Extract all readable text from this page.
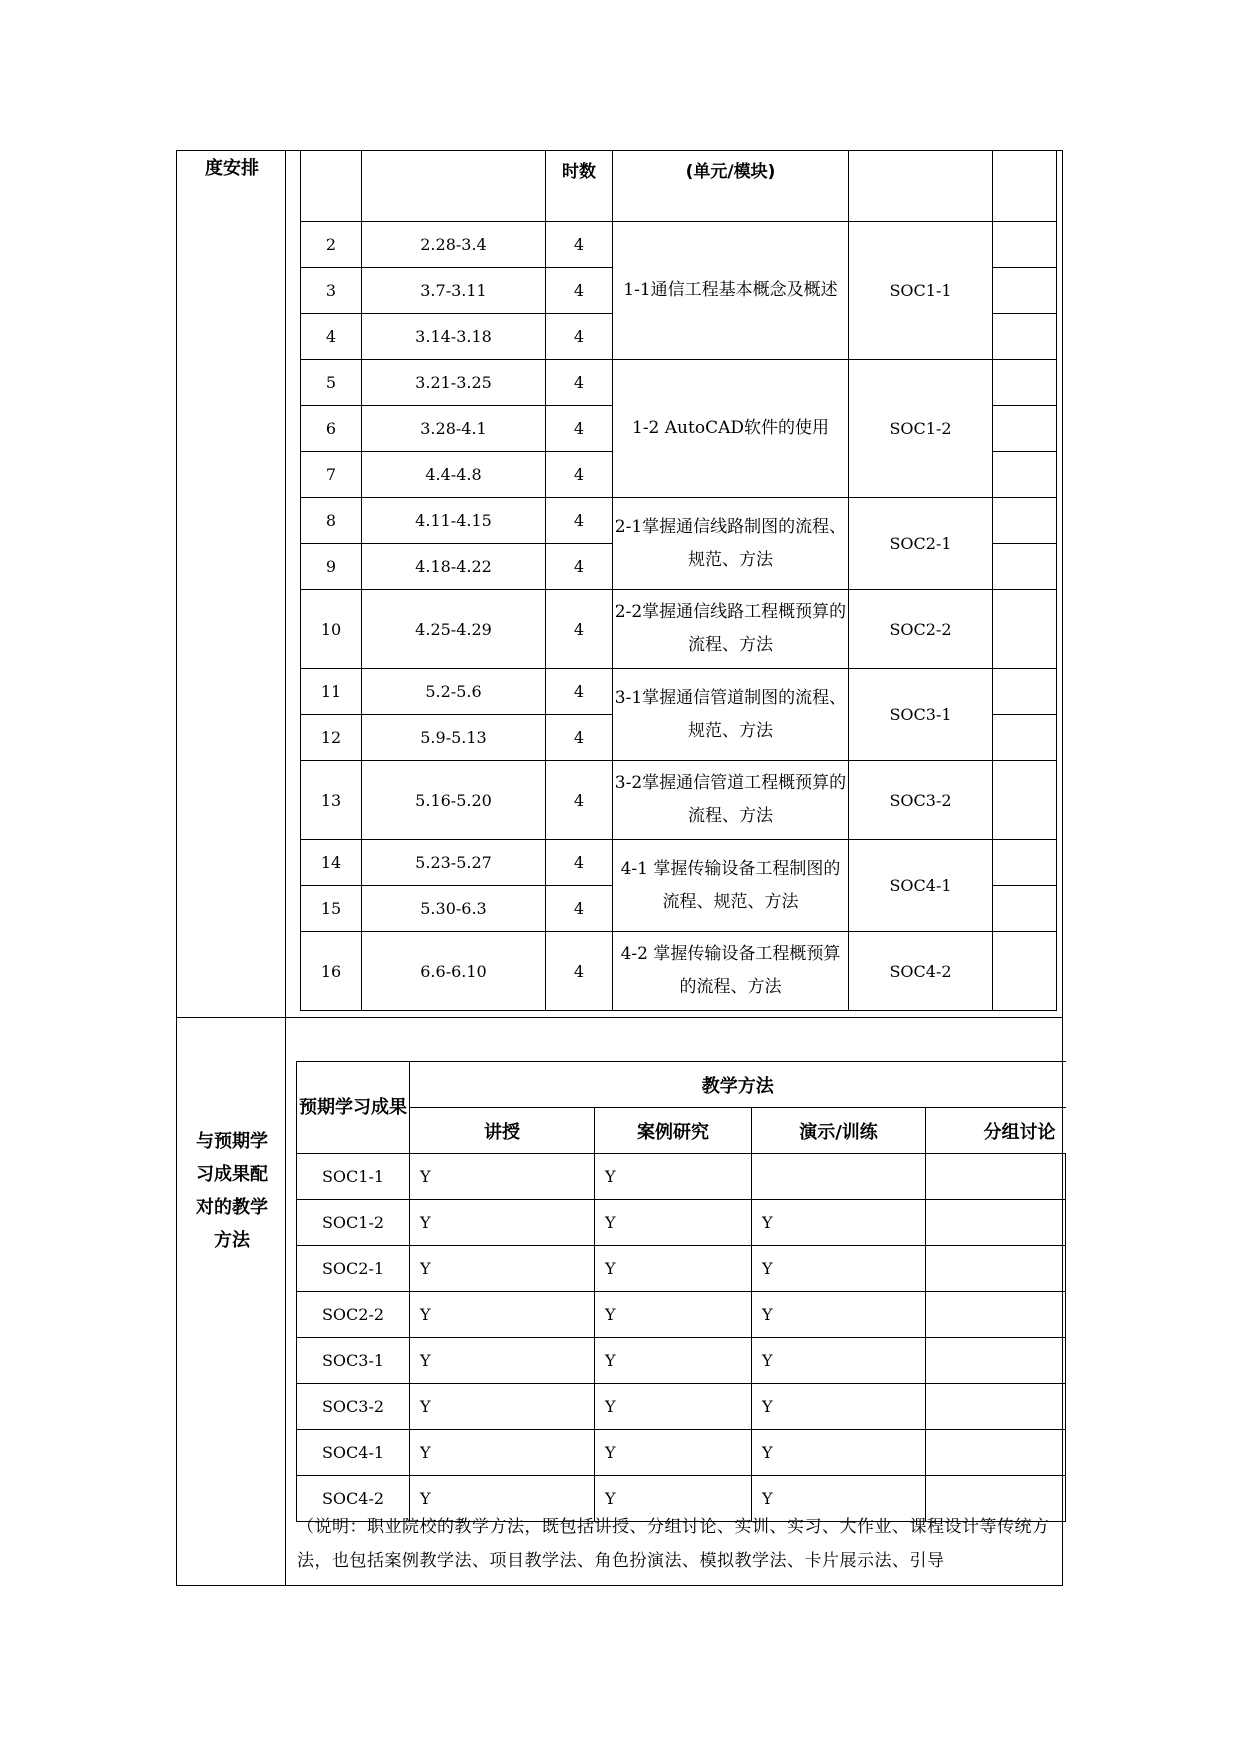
度安排
与预期学习成果配对的教学方法
		时数	(单元/模块)		
2	2.28-3.4	4	1-1通信工程基本概念及概述	SOC1-1	
3	3.7-3.11	4			
4	3.14-3.18	4			
5	3.21-3.25	4	1-2 AutoCAD软件的使用	SOC1-2	
6	3.28-4.1	4			
7	4.4-4.8	4			
8	4.11-4.15	4	2-1掌握通信线路制图的流程、规范、方法	SOC2-1	
9	4.18-4.22	4			
10	4.25-4.29	4	2-2掌握通信线路工程概预算的流程、方法	SOC2-2	
11	5.2-5.6	4	3-1掌握通信管道制图的流程、规范、方法	SOC3-1	
12	5.9-5.13	4			
13	5.16-5.20	4	3-2掌握通信管道工程概预算的流程、方法	SOC3-2	
14	5.23-5.27	4	4-1 掌握传输设备工程制图的流程、规范、方法	SOC4-1	
15	5.30-6.3	4			
16	6.6-6.10	4	4-2 掌握传输设备工程概预算的流程、方法	SOC4-2	
预期学习成果	教学方法			
	讲授	案例研究	演示/训练	分组讨论
SOC1-1	Y	Y		
SOC1-2	Y	Y	Y	
SOC2-1	Y	Y	Y	
SOC2-2	Y	Y	Y	
SOC3-1	Y	Y	Y	
SOC3-2	Y	Y	Y	
SOC4-1	Y	Y	Y	
SOC4-2	Y	Y	Y	
（说明：职业院校的教学方法，既包括讲授、分组讨论、实训、实习、大作业、课程设计等传统方法，也包括案例教学法、项目教学法、角色扮演法、模拟教学法、卡片展示法、引导
